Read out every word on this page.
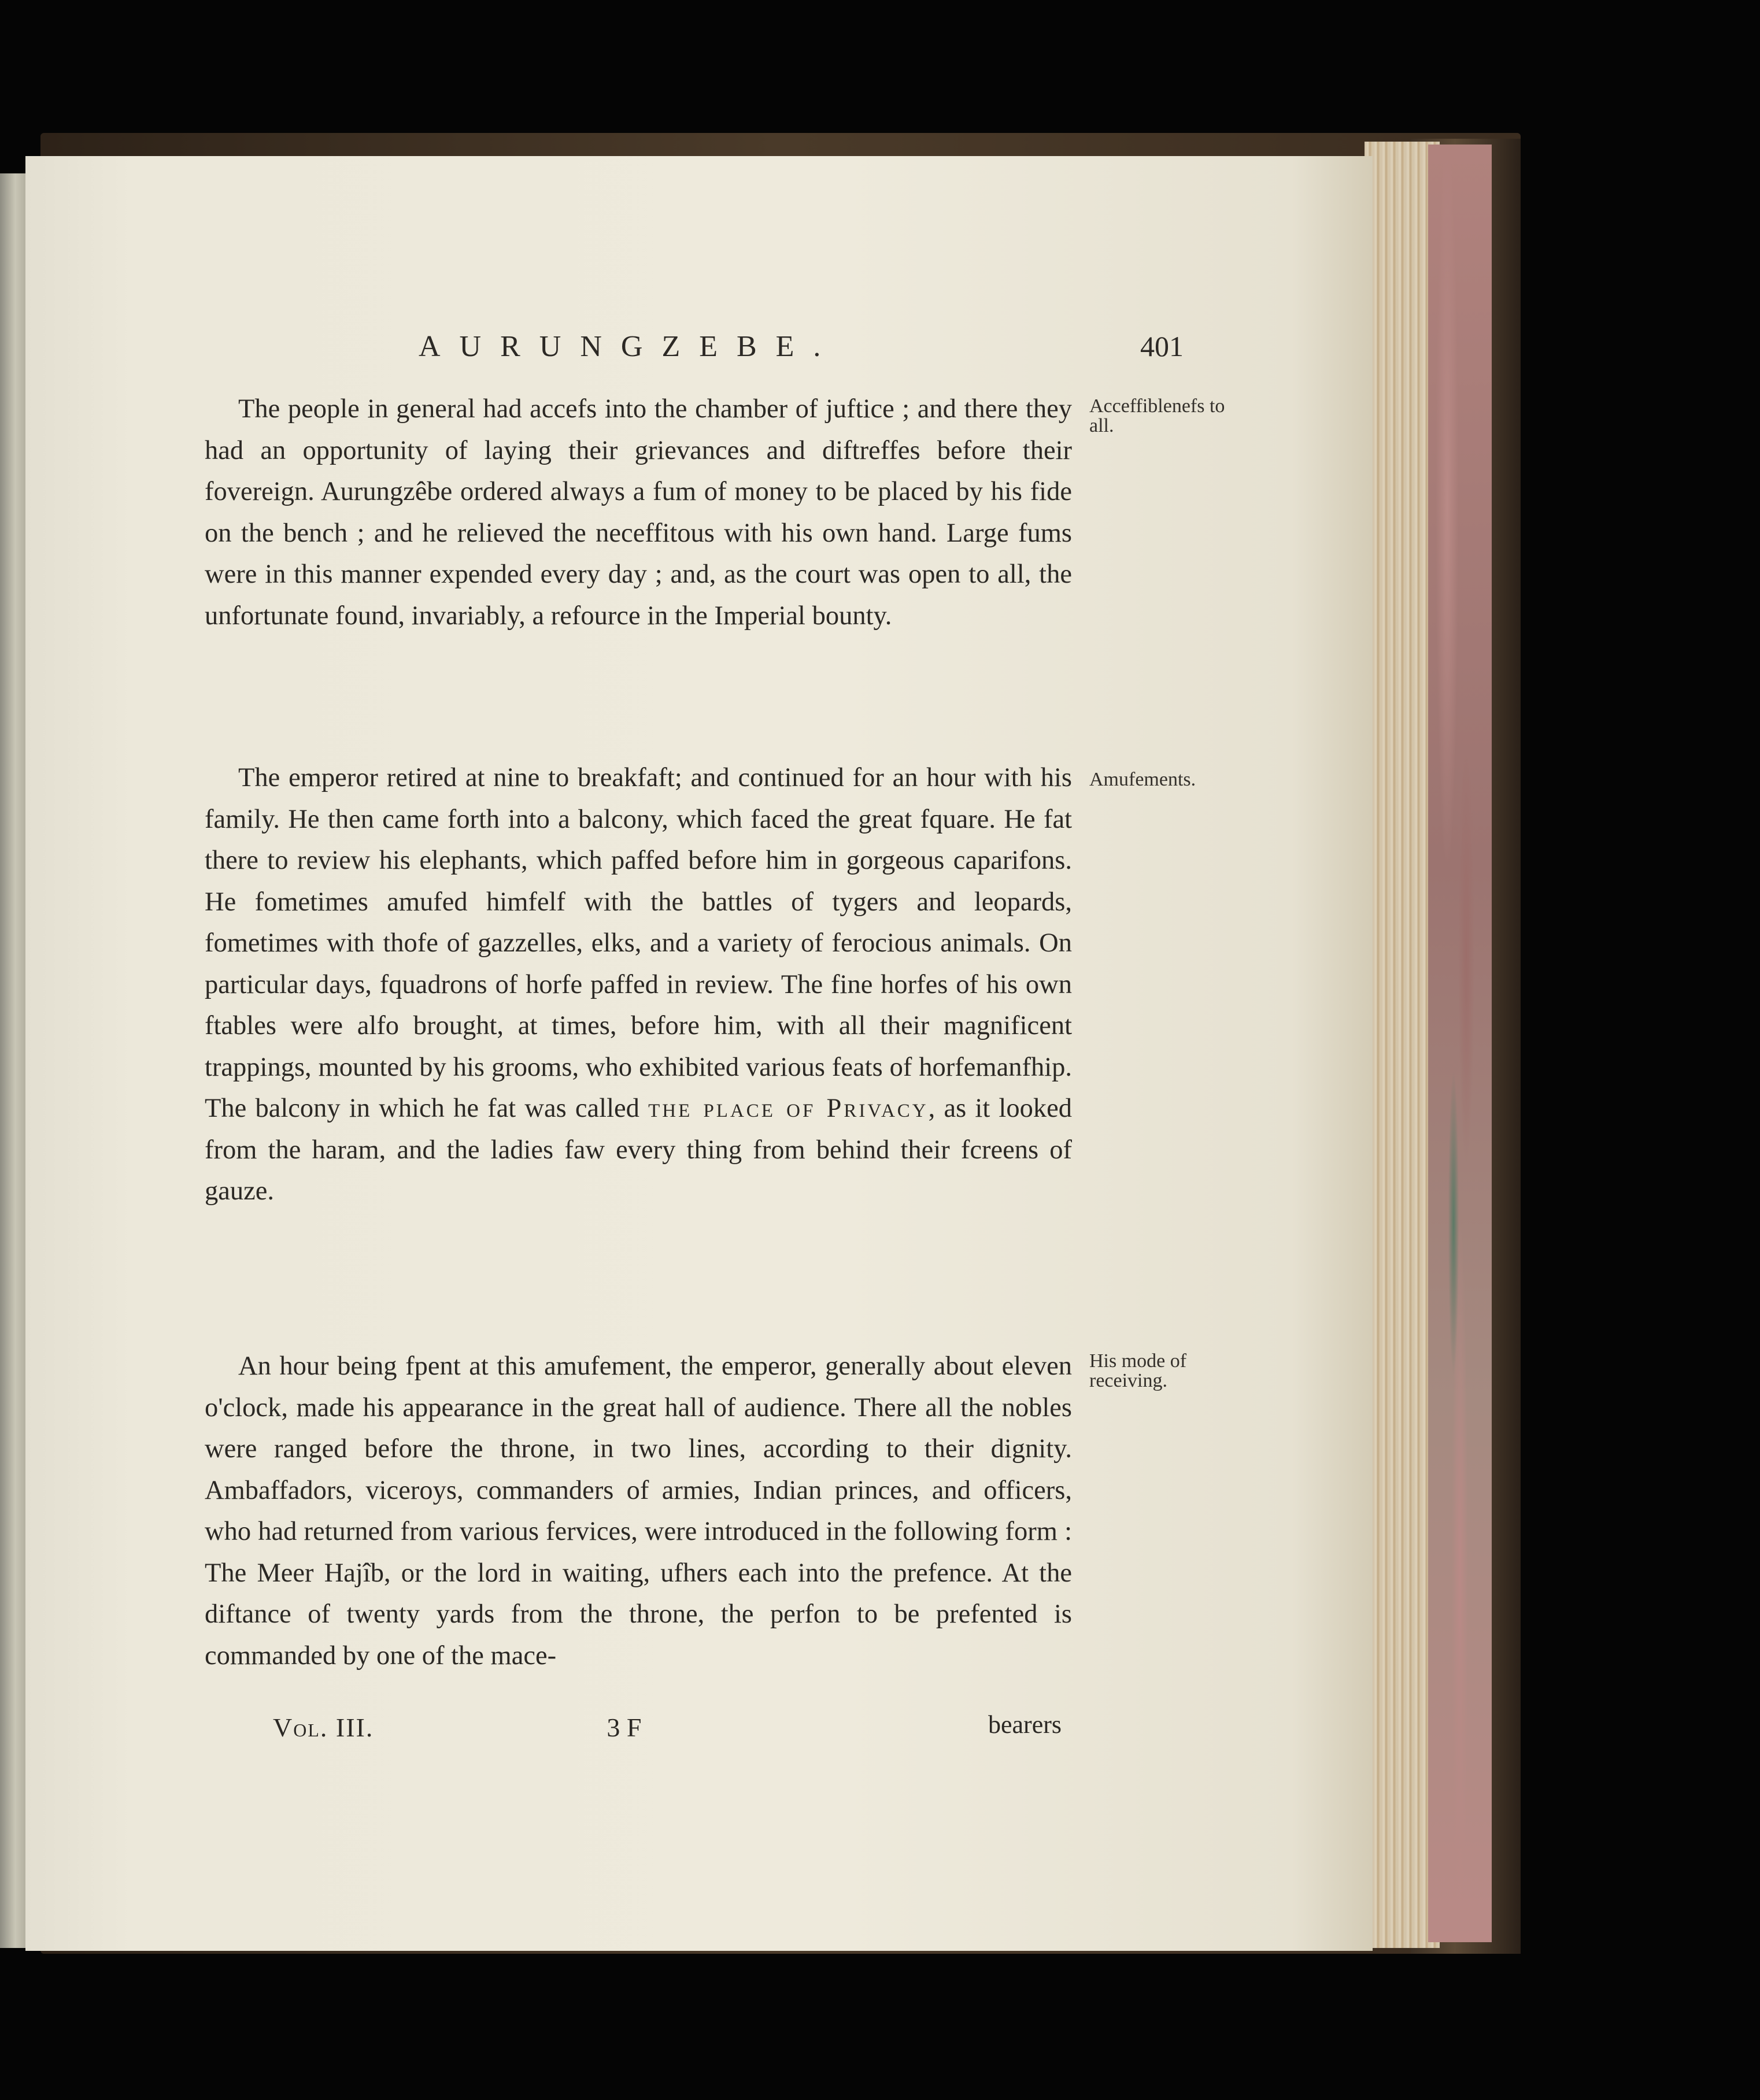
AURUNGZEBE.	401

The people in general had accefs into the chamber of juftice ; and there they had an opportunity of laying their grievances and diftreffes before their fovereign. Aurungzêbe ordered always a fum of money to be placed by his fide on the bench ; and he relieved the neceffitous with his own hand. Large fums were in this manner expended every day ; and, as the court was open to all, the unfortunate found, invariably, a refource in the Imperial bounty.

The emperor retired at nine to breakfaft; and continued for an hour with his family. He then came forth into a balcony, which faced the great fquare. He fat there to review his elephants, which paffed before him in gorgeous caparifons. He fometimes amufed himfelf with the battles of tygers and leopards, fometimes with thofe of gazzelles, elks, and a variety of ferocious animals. On particular days, fquadrons of horfe paffed in review. The fine horfes of his own ftables were alfo brought, at times, before him, with all their magnificent trappings, mounted by his grooms, who exhibited various feats of horfemanfhip. The balcony in which he fat was called the place of Privacy, as it looked from the haram, and the ladies faw every thing from behind their fcreens of gauze.

An hour being fpent at this amufement, the emperor, generally about eleven o'clock, made his appearance in the great hall of audience. There all the nobles were ranged before the throne, in two lines, according to their dignity. Ambaffadors, viceroys, commanders of armies, Indian princes, and officers, who had returned from various fervices, were introduced in the following form : The Meer Hajîb, or the lord in waiting, ufhers each into the prefence. At the diftance of twenty yards from the throne, the perfon to be prefented is commanded by one of the mace-

Acceffiblenefs to all.
Amufements.
His mode of receiving.
Vol. III.	3 F	bearers
